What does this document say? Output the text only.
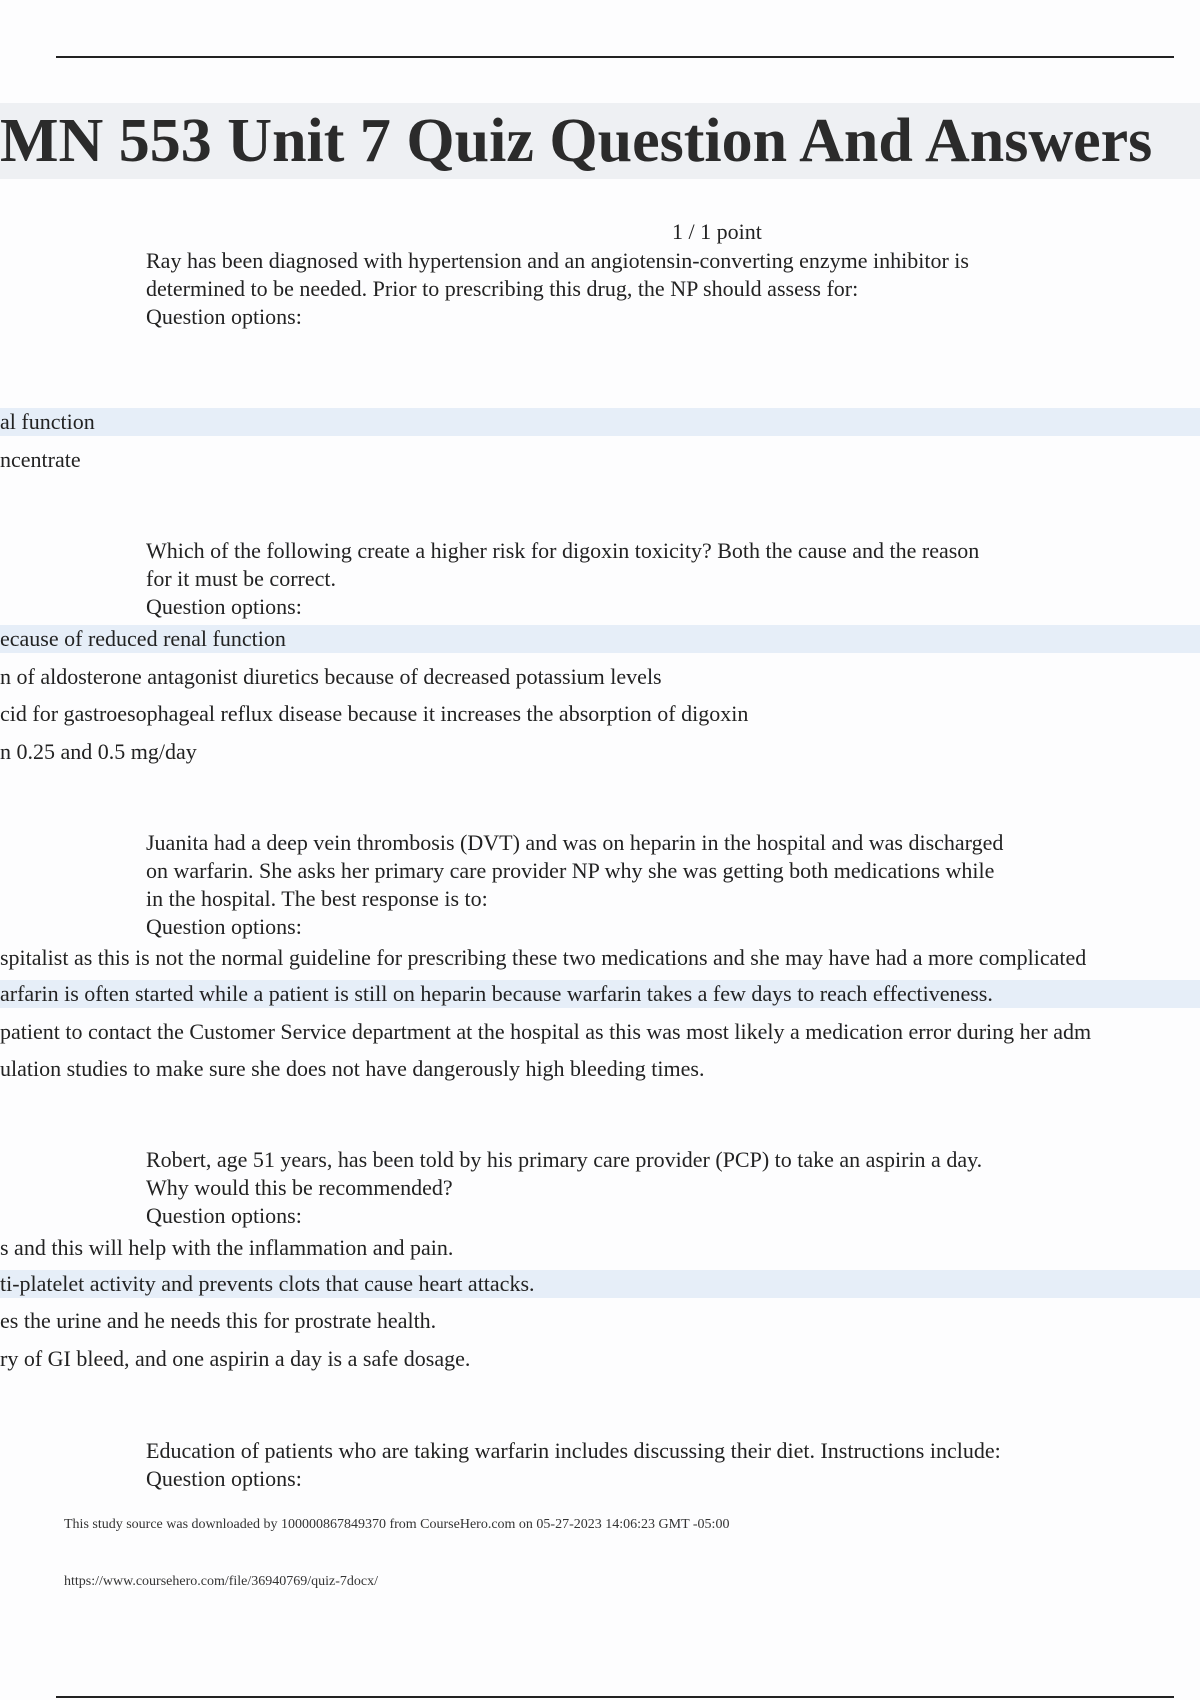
MN 553 Unit 7 Quiz Question And Answers
1 / 1 point

Ray has been diagnosed with hypertension and an angiotensin-converting enzyme inhibitor is

determined to be needed. Prior to prescribing this drug, the NP should assess for:

Question options:

al function
ncentrate

Which of the following create a higher risk for digoxin toxicity? Both the cause and the reason

for it must be correct.

Question options:

ecause of reduced renal function
n of aldosterone antagonist diuretics because of decreased potassium levels
cid for gastroesophageal reflux disease because it increases the absorption of digoxin
n 0.25 and 0.5 mg/day

Juanita had a deep vein thrombosis (DVT) and was on heparin in the hospital and was discharged

on warfarin. She asks her primary care provider NP why she was getting both medications while

in the hospital. The best response is to:

Question options:

spitalist as this is not the normal guideline for prescribing these two medications and she may have had a more complicated
arfarin is often started while a patient is still on heparin because warfarin takes a few days to reach effectiveness.
patient to contact the Customer Service department at the hospital as this was most likely a medication error during her adm
ulation studies to make sure she does not have dangerously high bleeding times.

Robert, age 51 years, has been told by his primary care provider (PCP) to take an aspirin a day.

Why would this be recommended?

Question options:

s and this will help with the inflammation and pain.
ti-platelet activity and prevents clots that cause heart attacks.
es the urine and he needs this for prostrate health.
ry of GI bleed, and one aspirin a day is a safe dosage.

Education of patients who are taking warfarin includes discussing their diet. Instructions include:

Question options:

This study source was downloaded by 100000867849370 from CourseHero.com on 05-27-2023 14:06:23 GMT -05:00
https://www.coursehero.com/file/36940769/quiz-7docx/
